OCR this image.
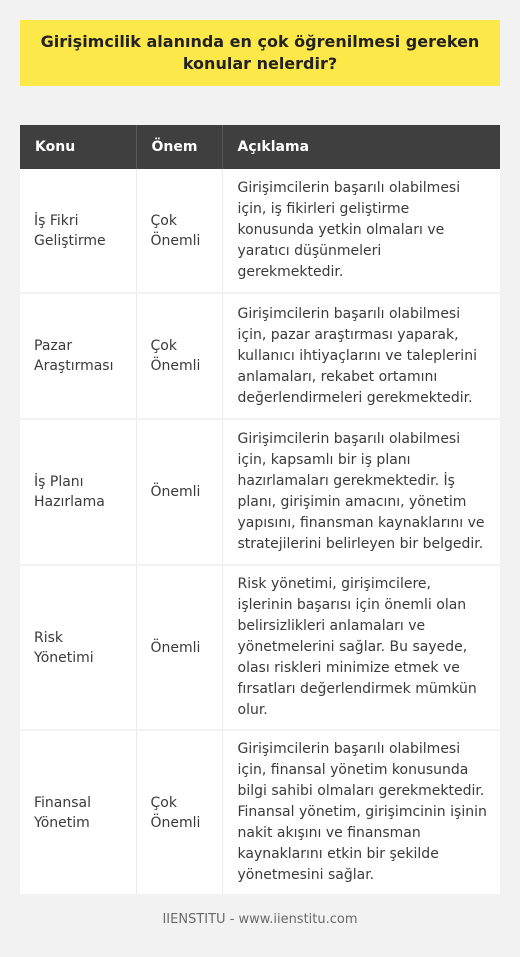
Girişimcilik alanında en çok öğrenilmesi gereken konular nelerdir?
Konu	Önem	Açıklama
İş Fikri Geliştirme	Çok Önemli	Girişimcilerin başarılı olabilmesi için, iş fikirleri geliştirme konusunda yetkin olmaları ve yaratıcı düşünmeleri gerekmektedir.
Pazar Araştırması	Çok Önemli	Girişimcilerin başarılı olabilmesi için, pazar araştırması yaparak, kullanıcı ihtiyaçlarını ve taleplerini anlamaları, rekabet ortamını değerlendirmeleri gerekmektedir.
İş Planı Hazırlama	Önemli	Girişimcilerin başarılı olabilmesi için, kapsamlı bir iş planı hazırlamaları gerekmektedir. İş planı, girişimin amacını, yönetim yapısını, finansman kaynaklarını ve stratejilerini belirleyen bir belgedir.
Risk Yönetimi	Önemli	Risk yönetimi, girişimcilere, işlerinin başarısı için önemli olan belirsizlikleri anlamaları ve yönetmelerini sağlar. Bu sayede, olası riskleri minimize etmek ve fırsatları değerlendirmek mümkün olur.
Finansal Yönetim	Çok Önemli	Girişimcilerin başarılı olabilmesi için, finansal yönetim konusunda bilgi sahibi olmaları gerekmektedir. Finansal yönetim, girişimcinin işinin nakit akışını ve finansman kaynaklarını etkin bir şekilde yönetmesini sağlar.
IIENSTITU - www.iienstitu.com
